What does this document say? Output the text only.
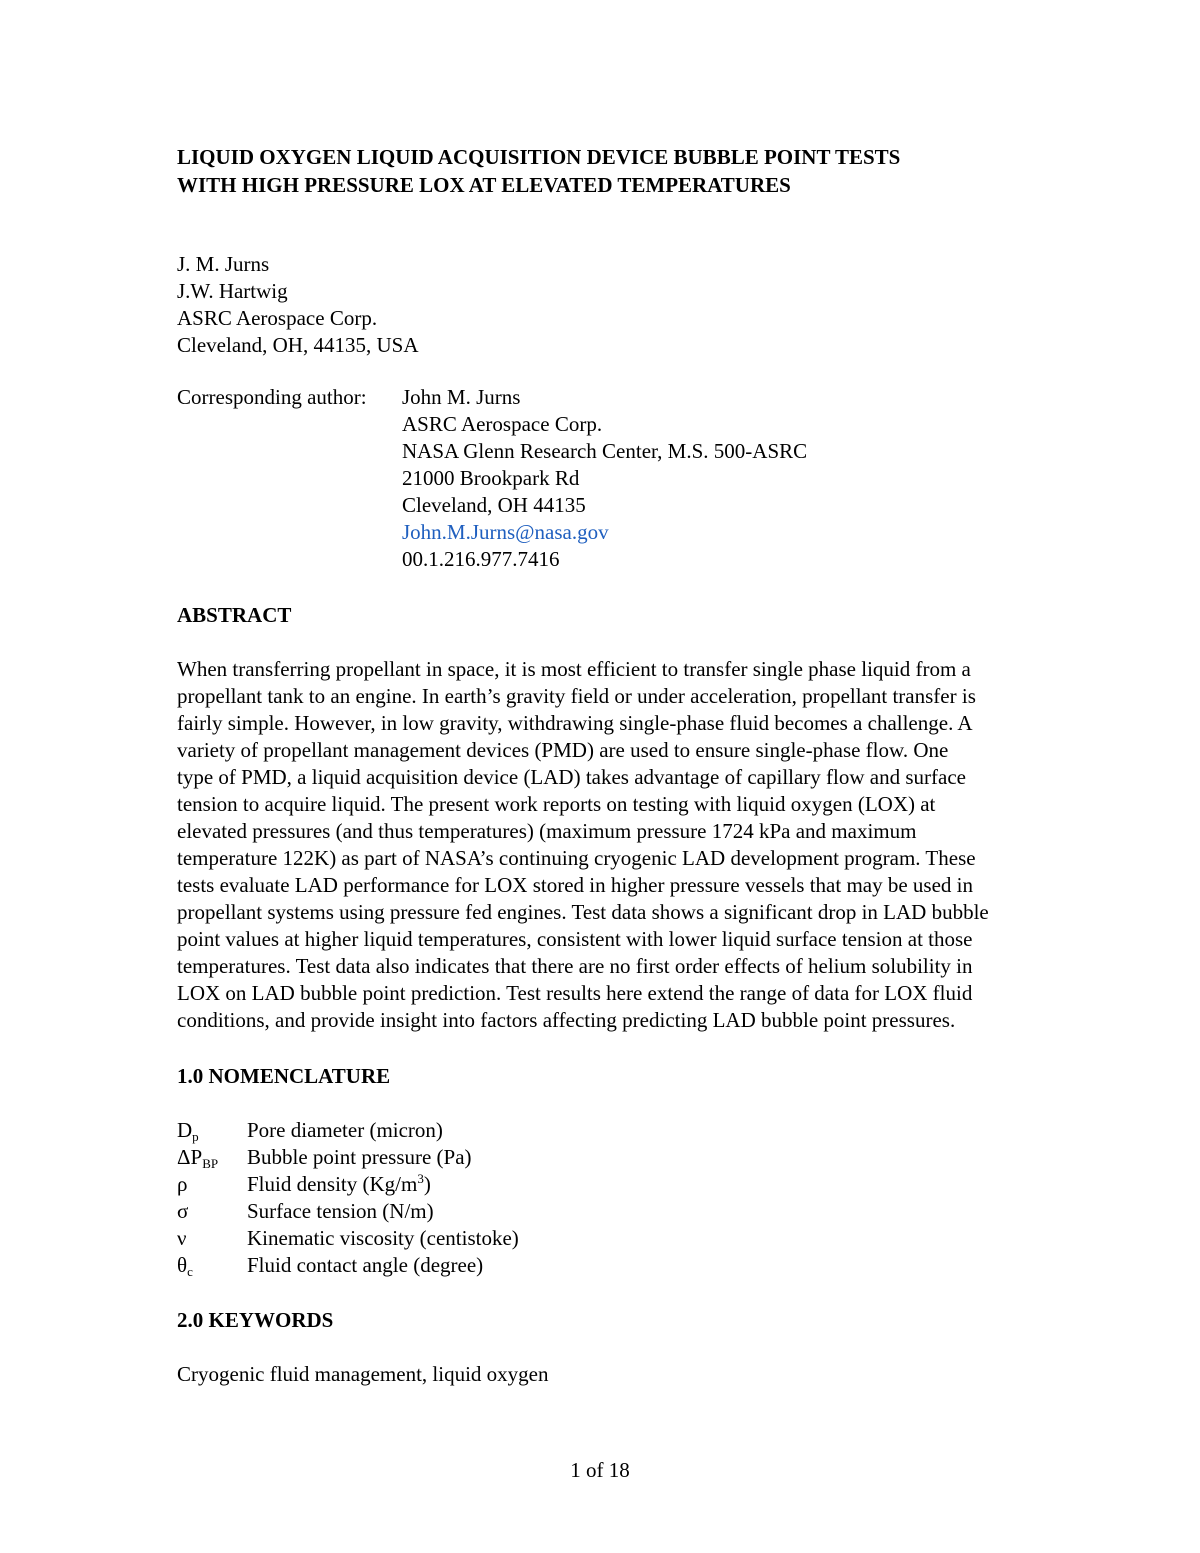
LIQUID OXYGEN LIQUID ACQUISITION DEVICE BUBBLE POINT TESTS
WITH HIGH PRESSURE LOX AT ELEVATED TEMPERATURES
J. M. Jurns
J.W. Hartwig
ASRC Aerospace Corp.
Cleveland, OH, 44135, USA
Corresponding author: John M. Jurns
ASRC Aerospace Corp.
NASA Glenn Research Center, M.S. 500-ASRC
21000 Brookpark Rd
Cleveland, OH 44135
John.M.Jurns@nasa.gov
00.1.216.977.7416
ABSTRACT
When transferring propellant in space, it is most efficient to transfer single phase liquid from a
propellant tank to an engine. In earth’s gravity field or under acceleration, propellant transfer is
fairly simple. However, in low gravity, withdrawing single-phase fluid becomes a challenge. A
variety of propellant management devices (PMD) are used to ensure single-phase flow. One
type of PMD, a liquid acquisition device (LAD) takes advantage of capillary flow and surface
tension to acquire liquid. The present work reports on testing with liquid oxygen (LOX) at
elevated pressures (and thus temperatures) (maximum pressure 1724 kPa and maximum
temperature 122K) as part of NASA’s continuing cryogenic LAD development program. These
tests evaluate LAD performance for LOX stored in higher pressure vessels that may be used in
propellant systems using pressure fed engines. Test data shows a significant drop in LAD bubble
point values at higher liquid temperatures, consistent with lower liquid surface tension at those
temperatures. Test data also indicates that there are no first order effects of helium solubility in
LOX on LAD bubble point prediction. Test results here extend the range of data for LOX fluid
conditions, and provide insight into factors affecting predicting LAD bubble point pressures.
1.0 NOMENCLATURE
Dp Pore diameter (micron)
ΔPBP Bubble point pressure (Pa)
ρ	Fluid density $(Kg/m^3)$
σ	Surface tension (N/m)
ν	Kinematic viscosity (centistoke)
θc	Fluid contact angle (degree)
2.0 KEYWORDS
Cryogenic fluid management, liquid oxygen
1 of 18
